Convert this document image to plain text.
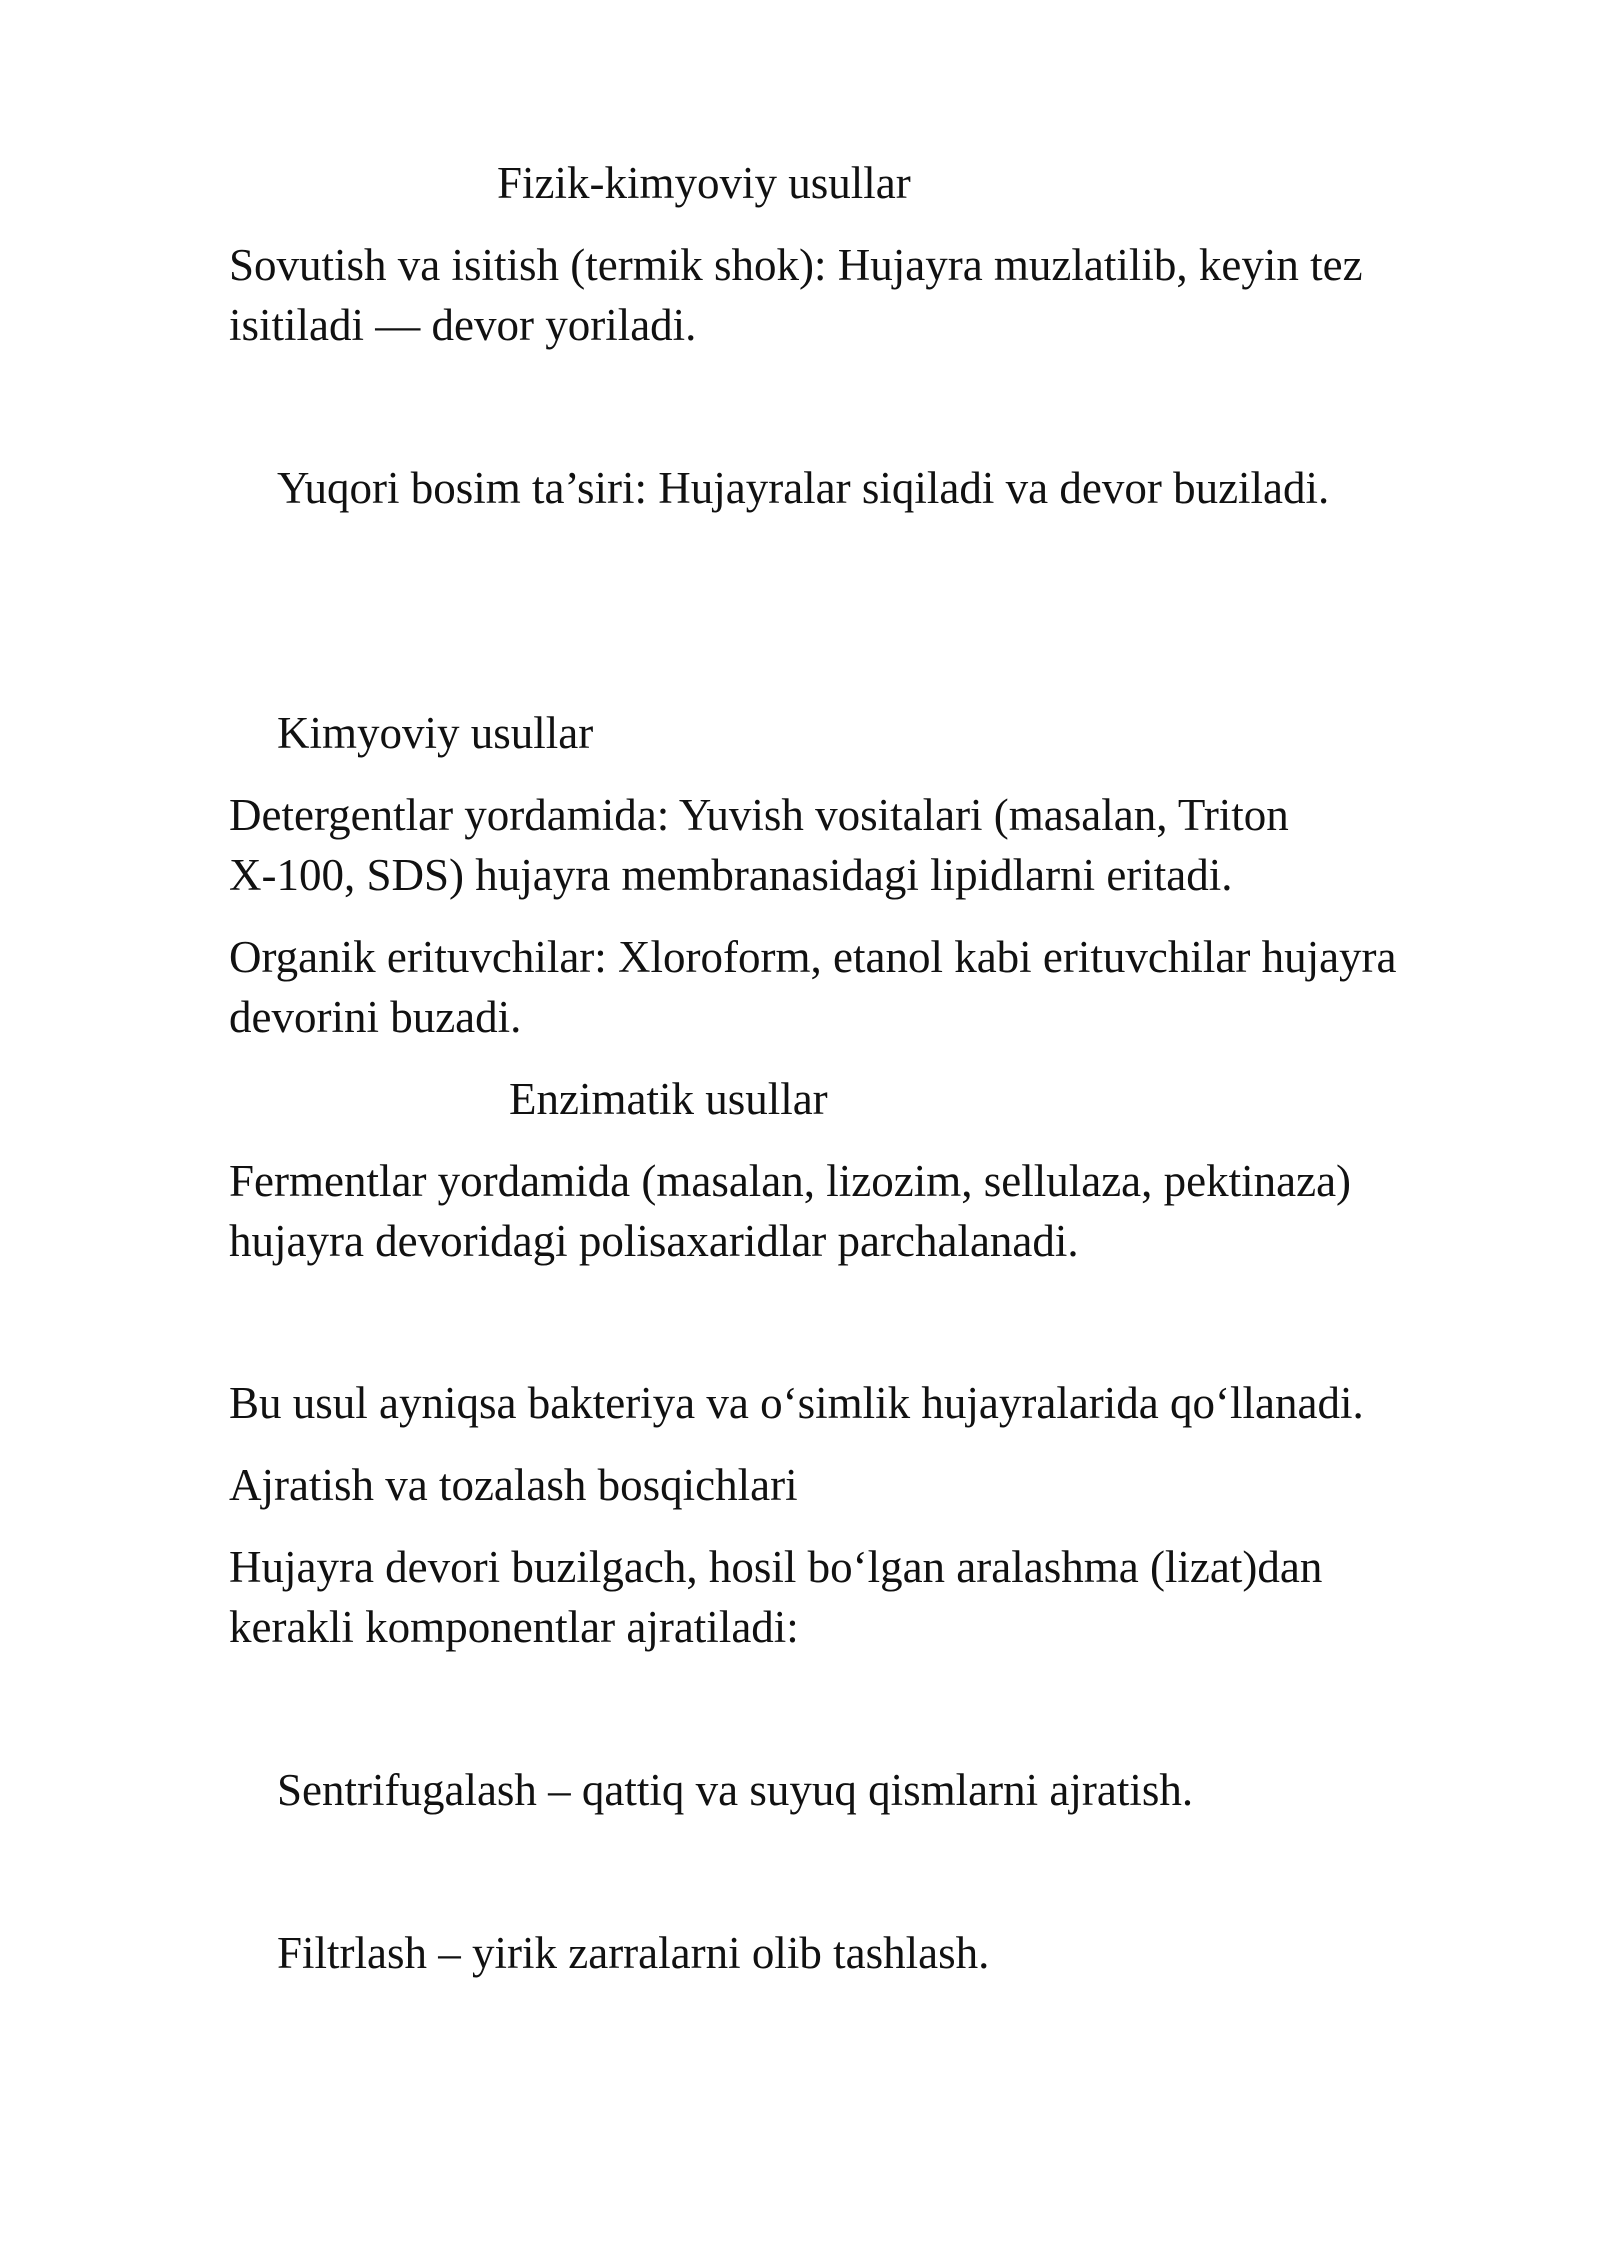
Fizik-kimyoviy usullar

Sovutish va isitish (termik shok): Hujayra muzlatilib, keyin tez

isitiladi — devor yoriladi.

Yuqori bosim ta’siri: Hujayralar siqiladi va devor buziladi.

Kimyoviy usullar

Detergentlar yordamida: Yuvish vositalari (masalan, Triton

X-100, SDS) hujayra membranasidagi lipidlarni eritadi.

Organik erituvchilar: Xloroform, etanol kabi erituvchilar hujayra

devorini buzadi.

Enzimatik usullar

Fermentlar yordamida (masalan, lizozim, sellulaza, pektinaza)

hujayra devoridagi polisaxaridlar parchalanadi.

Bu usul ayniqsa bakteriya va o‘simlik hujayralarida qo‘llanadi.

Ajratish va tozalash bosqichlari

Hujayra devori buzilgach, hosil bo‘lgan aralashma (lizat)dan

kerakli komponentlar ajratiladi:

Sentrifugalash – qattiq va suyuq qismlarni ajratish.

Filtrlash – yirik zarralarni olib tashlash.
